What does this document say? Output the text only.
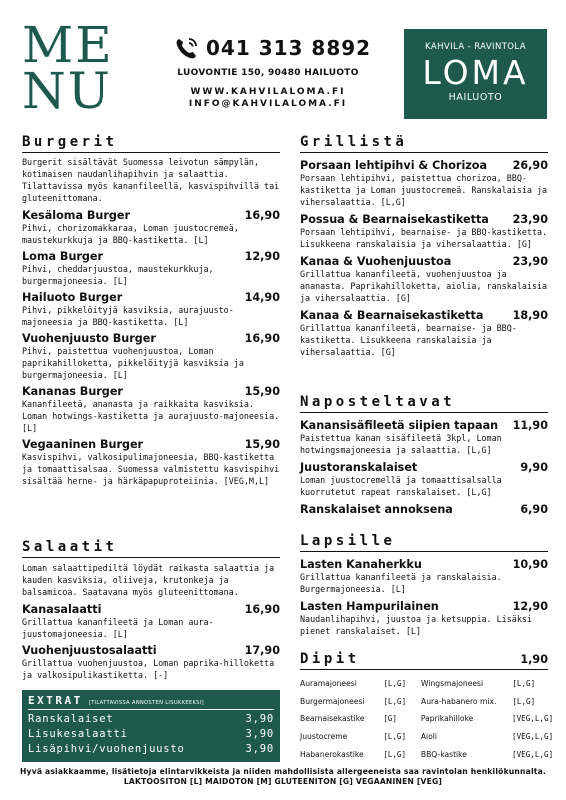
ME
NU
041 313 8892
LUOVONTIE 150, 90480 HAILUOTO
WWW.KAHVILALOMA.FI
INFO@KAHVILALOMA.FI
KAHVILA - RAVINTOLA
LOMA
HAILUOTO
Burgerit
Burgerit sisältävät Suomessa leivotun sämpylän, kotimaisen naudanlihapihvin ja salaattia. Tilattavissa myös kananfileellä, kasvispihvillä tai gluteenittomana.
Kesäloma Burger	16,90
Pihvi, chorizomakkaraa, Loman juustocremeä, maustekurkkuja ja BBQ-kastiketta. [L]
Loma Burger	12,90
Pihvi, cheddarjuustoa, maustekurkkuja, burgermajoneesia. [L]
Hailuoto Burger	14,90
Pihvi, pikkelöityjä kasviksia, aurajuusto-majoneesia ja BBQ-kastiketta. [L]
Vuohenjuusto Burger	16,90
Pihvi, paistettua vuohenjuustoa, Loman paprikahilloketta, pikkelöityjä kasviksia ja burgermajoneesia. [L]
Kananas Burger	15,90
Kananfileetä, ananasta ja raikkaita kasviksia. Loman hotwings-kastiketta ja aurajuusto-majoneesia. [L]
Vegaaninen Burger	15,90
Kasvispihvi, valkosipulimajoneesia, BBQ-kastiketta ja tomaattisalsaa. Suomessa valmistettu kasvispihvi sisältää herne- ja härkäpapuproteiinia. [VEG,M,L]
Salaatit
Loman salaattipediltä löydät raikasta salaattia ja kauden kasviksia, oliiveja, krutonkeja ja balsamicoa. Saatavana myös gluteenittomana.
Kanasalaatti	16,90
Grillattua kananfileetä ja Loman aura-juustomajoneesia. [L]
Vuohenjuustosalaatti	17,90
Grillattua vuohenjuustoa, Loman paprika-hilloketta ja valkosipulikastiketta. [-]
EXTRAT [TILATTAVISSA ANNOSTEN LISUKKEEKSI]
Ranskalaiset	3,90
Lisukesalaatti	3,90
Lisäpihvi/vuohenjuusto	3,90
Grillistä
Porsaan lehtipihvi & Chorizoa 26,90
Porsaan lehtipihvi, paistettua chorizoa, BBQ-kastiketta ja Loman juustocremeä. Ranskalaisia ja vihersalaattia. [L,G]
Possua & Bearnaisekastiketta 23,90
Porsaan lehtipihvi, bearnaise- ja BBQ-kastiketta. Lisukkeena ranskalaisia ja vihersalaattia. [G]
Kanaa & Vuohenjuustoa	23,90
Grillattua kananfileetä, vuohenjuustoa ja ananasta. Paprikahilloketta, aiolia, ranskalaisia ja vihersalaattia. [G]
Kanaa & Bearnaisekastiketta	18,90
Grillattua kananfileetä, bearnaise- ja BBQ-kastiketta. Lisukkeena ranskalaisia ja vihersalaattia. [G]
Naposteltavat
Kanansisäfileetä siipien tapaan 11,90
Paistettua kanan sisäfileetä 3kpl, Loman hotwingsmajoneesia ja salaattia. [L,G]
Juustoranskalaiset	9,90
Loman juustocremellä ja tomaattisalsalla kuorrutetut rapeat ranskalaiset. [L,G]
Ranskalaiset annoksena	6,90
Lapsille
Lasten Kanaherkku	10,90
Grillattua kananfileetä ja ranskalaisia. Burgermajoneesia. [L]
Lasten Hampurilainen	12,90
Naudanlihapihvi, juustoa ja ketsuppia. Lisäksi pienet ranskalaiset. [L]
Dipit	1,90
Auramajoneesi	[L,G]	Wingsmajoneesi	[L,G]
Burgermajoneesi	[L,G]	Aura-habanero mix.	[L,G]
Bearnaisekastike	[G]	Paprikahilloke	[VEG,L,G]
Juustocreme	[L,G]	Aioli	[VEG,L,G]
Habanerokastike	[L,G]	BBQ-kastike	[VEG,L,G]
Hyvä asiakkaamme, lisätietoja elintarvikkeista ja niiden mahdollisista allergeeneista saa ravintolan henkilökunnalta. LAKTOOSITON [L] MAIDOTON [M] GLUTEENITON [G] VEGAANINEN [VEG]
